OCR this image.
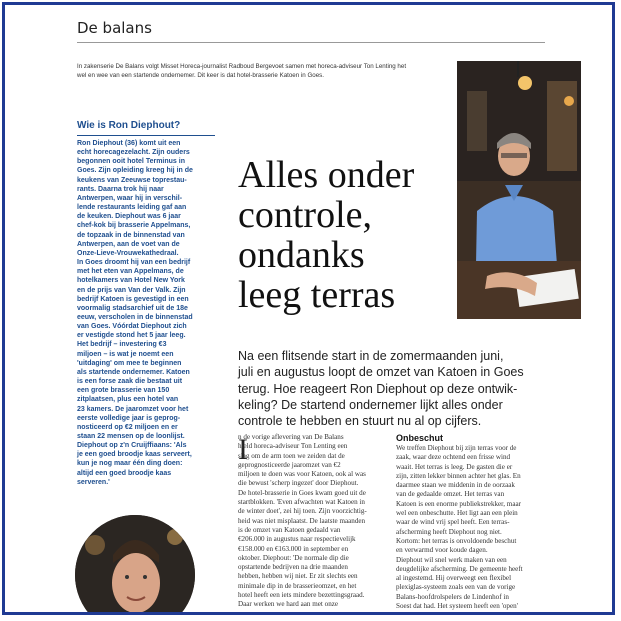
De balans
In zakenserie De Balans volgt Misset Horeca-journalist Radboud Bergevoet samen met horeca-adviseur Ton Lenting het wel en wee van een startende ondernemer. Dit keer is dat hotel-brasserie Katoen in Goes.
Wie is Ron Diephout?
Ron Diephout (36) komt uit een
echt horecagezelacht. Zijn ouders
begonnen ooit hotel Terminus in
Goes. Zijn opleiding kreeg hij in de
keukens van Zeeuwse toprestau-
rants. Daarna trok hij naar
Antwerpen, waar hij in verschil-
lende restaurants leiding gaf aan
de keuken. Diephout was 6 jaar
chef-kok bij brasserie Appelmans,
de topzaak in de binnenstad van
Antwerpen, aan de voet van de
Onze-Lieve-Vrouwekathedraal.
In Goes droomt hij van een bedrijf
met het eten van Appelmans, de
hotelkamers van Hotel New York
en de prijs van Van der Valk. Zijn
bedrijf Katoen is gevestigd in een
voormalig stadsarchief uit de 18e
eeuw, verscholen in de binnenstad
van Goes. Vóórdat Diephout zich
er vestigde stond het 5 jaar leeg.
Het bedrijf – investering €3
miljoen – is wat je noemt een
'uitdaging' om mee te beginnen
als startende ondernemer. Katoen
is een forse zaak die bestaat uit
een grote brasserie van 150
zitplaatsen, plus een hotel van
23 kamers. De jaaromzet voor het
eerste volledige jaar is geprog-
nosticeerd op €2 miljoen en er
staan 22 mensen op de loonlijst.
Diephout op z'n Cruijffiaans: 'Als
je een goed broodje kaas serveert,
kun je nog maar één ding doen:
altijd een goed broodje kaas
serveren.'
Alles onder
controle,
ondanks
leeg terras
Na een flitsende start in de zomermaanden juni,
juli en augustus loopt de omzet van Katoen in Goes
terug. Hoe reageert Ron Diephout op deze ontwik-
keling? De startend ondernemer lijkt alles onder
controle te hebben en stuurt nu al op cijfers.
I
n de vorige aflevering van De Balans
hield horeca-adviseur Ton Lenting een
slag om de arm toen we zeiden dat de
geprognosticeerde jaaromzet van €2
miljoen te doen was voor Katoen, ook al was
die bewust 'scherp ingezet' door Diephout.
De hotel-brasserie in Goes kwam goed uit de
startblokken. 'Even afwachten wat Katoen in
de winter doet', zei hij toen. Zijn voorzichtig-
heid was niet misplaatst. De laatste maanden
is de omzet van Katoen gedaald van
€206.000 in augustus naar respectievelijk
€158.000 en €163.000 in september en
oktober. Diephout: 'De normale dip die
opstartende bedrijven na drie maanden
hebben, hebben wij niet. Er zit slechts een
minimale dip in de brasserieomzet, en het
hotel heeft een iets mindere bezettingsgraad.
Daar werken we hard aan met onze
Onbeschut
We treffen Diephout bij zijn terras voor de
zaak, waar deze ochtend een frisse wind
waait. Het terras is leeg. De gasten die er
zijn, zitten lekker binnen achter het glas. En
daarmee staan we middenin in de oorzaak
van de gedaalde omzet. Het terras van
Katoen is een enorme publiekstrekker, maar
wel een onbeschutte. Het ligt aan een plein
waar de wind vrij spel heeft. Een terras-
afscherming heeft Diephout nog niet.
Kortom: het terras is onvoldoende beschut
en verwarmd voor koude dagen.
Diephout wil snel werk maken van een
deugdelijke afscherming. De gemeente heeft
al ingestemd. Hij overweegt een flexibel
plexiglas-systeem zoals een van de vorige
Balans-hoofdrolspelers de Lindenhof in
Soest dat had. Het systeem heeft een 'open'
